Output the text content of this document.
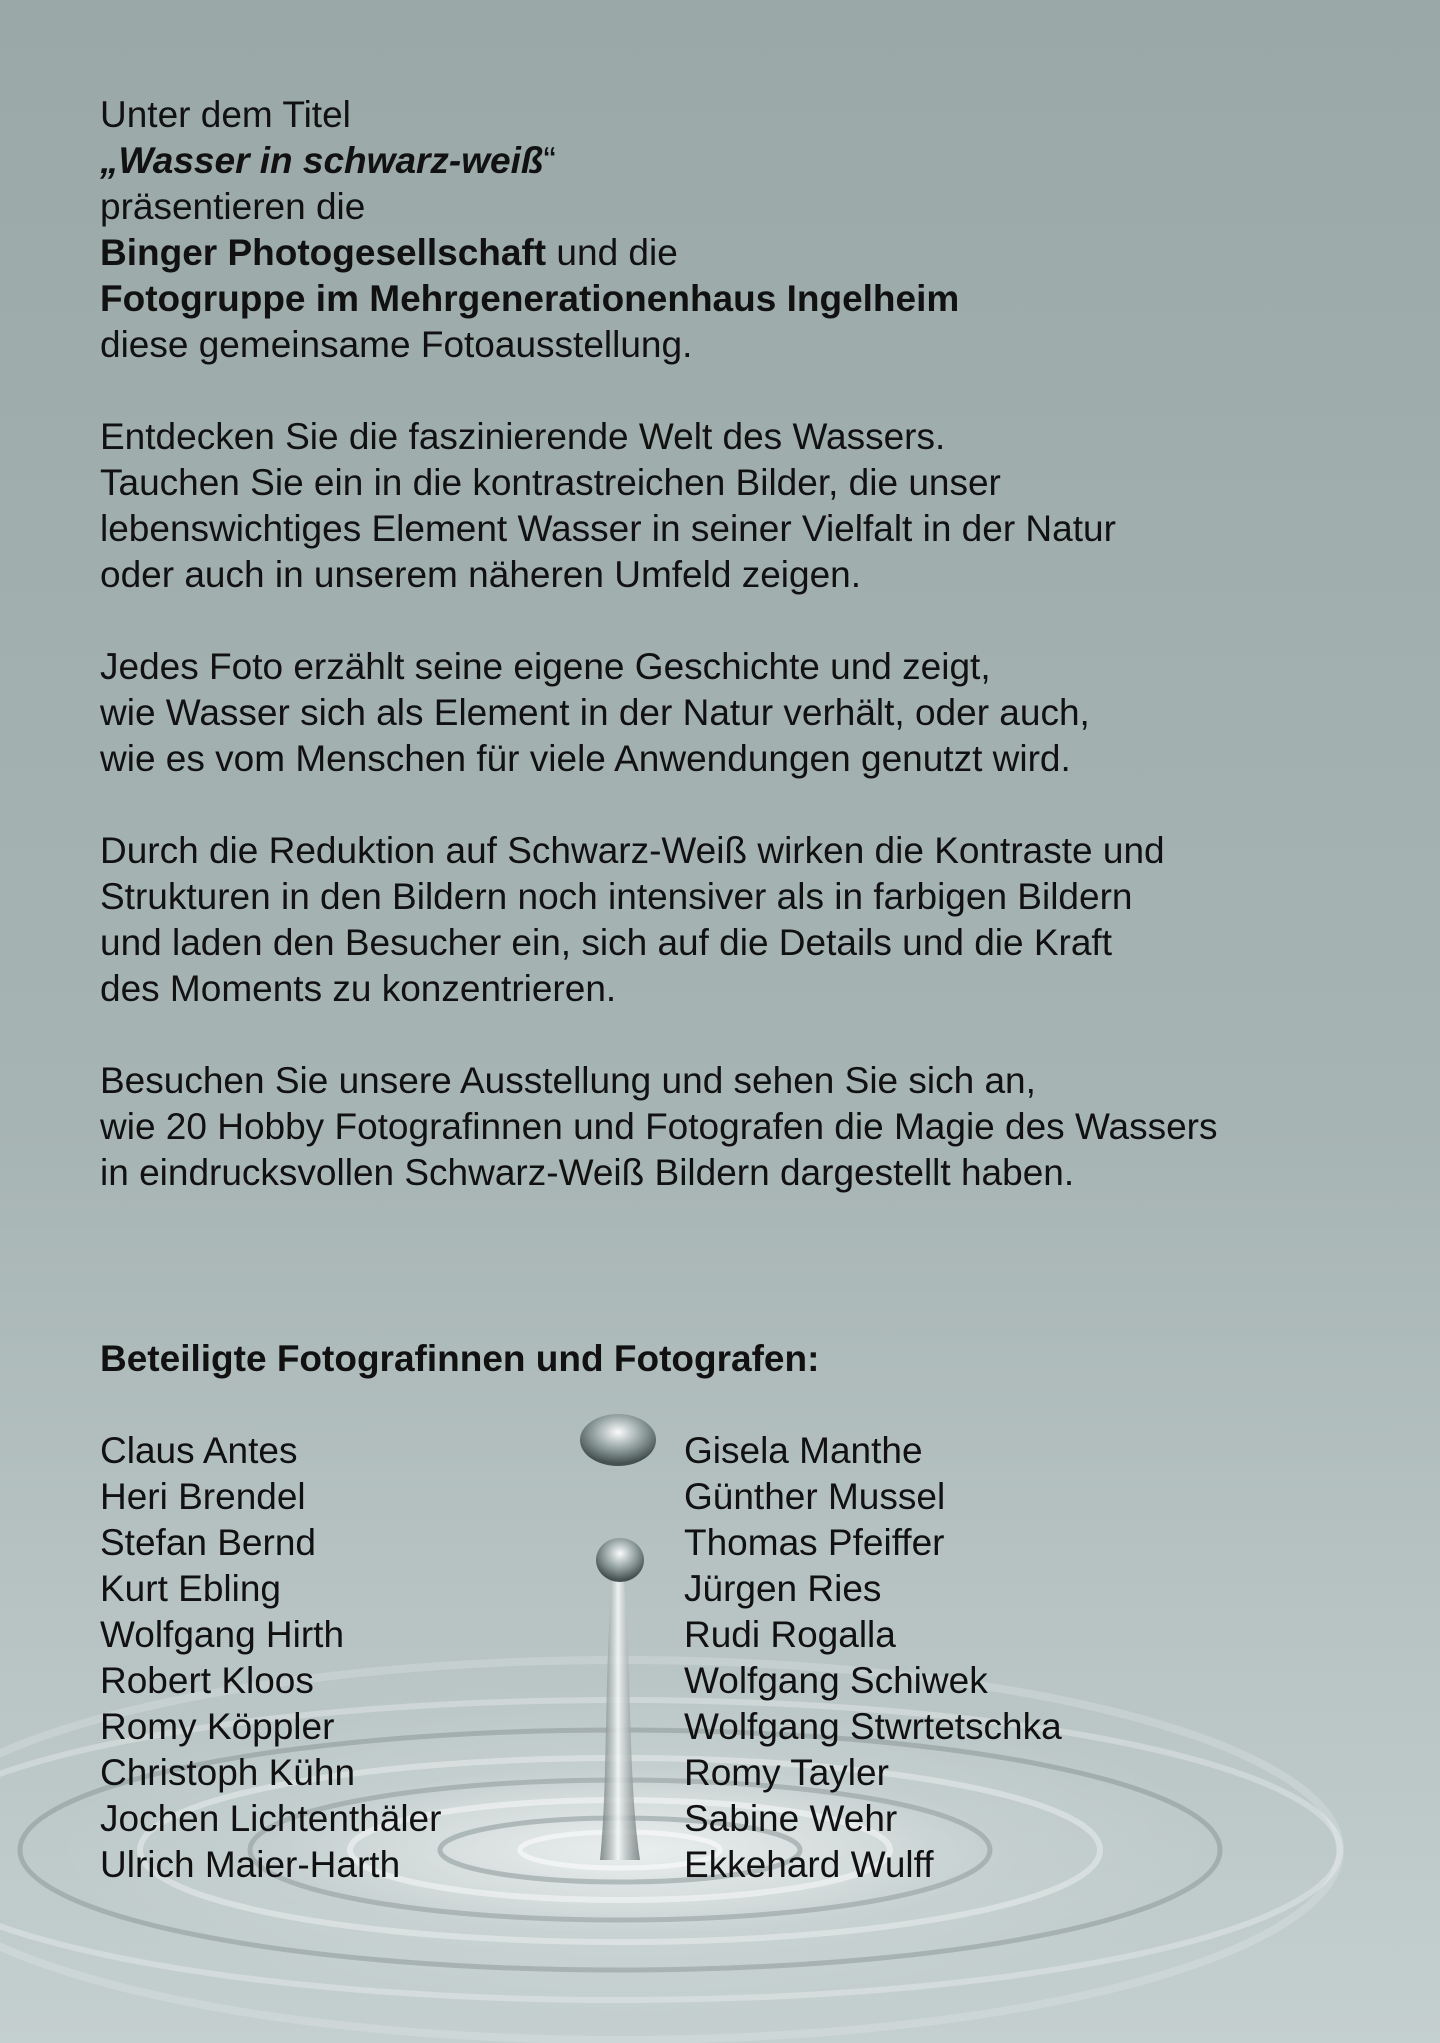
Unter dem Titel

„Wasser in schwarz-weiß“

präsentieren die

Binger Photogesellschaft und die

Fotogruppe im Mehrgenerationenhaus Ingelheim

diese gemeinsame Fotoausstellung.

Entdecken Sie die faszinierende Welt des Wassers.

Tauchen Sie ein in die kontrastreichen Bilder, die unser

lebenswichtiges Element Wasser in seiner Vielfalt in der Natur

oder auch in unserem näheren Umfeld zeigen.

Jedes Foto erzählt seine eigene Geschichte und zeigt,

wie Wasser sich als Element in der Natur verhält, oder auch,

wie es vom Menschen für viele Anwendungen genutzt wird.

Durch die Reduktion auf Schwarz-Weiß wirken die Kontraste und

Strukturen in den Bildern noch intensiver als in farbigen Bildern

und laden den Besucher ein, sich auf die Details und die Kraft

des Moments zu konzentrieren.

Besuchen Sie unsere Ausstellung und sehen Sie sich an,

wie 20 Hobby Fotografinnen und Fotografen die Magie des Wassers

in eindrucksvollen Schwarz-Weiß Bildern dargestellt haben.

Beteiligte Fotografinnen und Fotografen:
Claus Antes
Heri Brendel
Stefan Bernd
Kurt Ebling
Wolfgang Hirth
Robert Kloos
Romy Köppler
Christoph Kühn
Jochen Lichtenthäler
Ulrich Maier-Harth
Gisela Manthe
Günther Mussel
Thomas Pfeiffer
Jürgen Ries
Rudi Rogalla
Wolfgang Schiwek
Wolfgang Stwrtetschka
Romy Tayler
Sabine Wehr
Ekkehard Wulff
